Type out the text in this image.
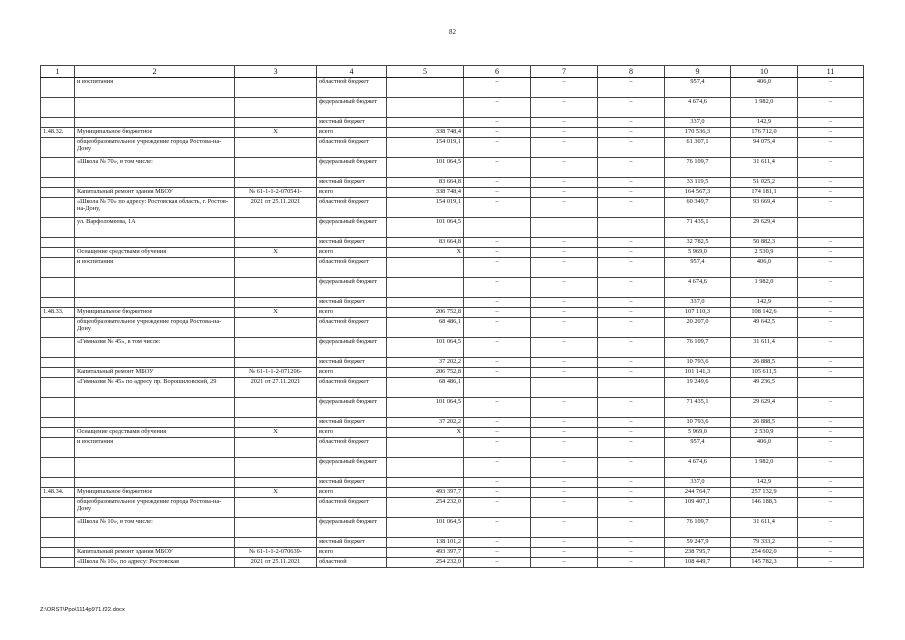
82
1	2	3	4	5	6	7	8	9	10	11
	и воспитания		областной бюджет		–	–	–	957,4	406,0	–
			федеральный бюджет		–	–	–	4 674,6	1 982,0	–
			местный бюджет		–	–	–	337,0	142,9	–
1.48.32.	Муниципальное бюджетное	Х	всего	338 748,4	–	–	–	170 536,3	176 712,0	–
	общеобразовательное учреждение города Ростова-на-Дону		областной бюджет	154 019,1	–	–	–	61 307,1	94 075,4	–
	«Школа № 70», в том числе:		федеральный бюджет	101 064,5	–	–	–	76 109,7	31 611,4	–
			местный бюджет	83 664,8	–	–	–	33 119,5	51 025,2	–
	Капитальный ремонт здания МБОУ	№ 61-1-1-2-070541-	всего	338 748,4	–	–	–	164 567,3	174 181,1	–
	«Школа № 70» по адресу: Ростовская область, г. Ростов-на-Дону,	2021 от 25.11.2021	областной бюджет	154 019,1	–	–	–	60 349,7	93 669,4	–
	ул. Варфоломеева, 1А		федеральный бюджет	101 064,5				71 435,1	29 629,4	
			местный бюджет	83 664,8	–	–	–	32 782,5	50 882,3	–
	Оснащение средствами обучения	Х	всего	Х	–	–	–	5 969,0	2 530,9	–
	и воспитания		областной бюджет		–	–	–	957,4	406,0	–
			федеральный бюджет		–	–	–	4 674,6	1 982,0	–
			местный бюджет		–	–	–	337,0	142,9	–
1.48.33.	Муниципальное бюджетное	Х	всего	206 752,8	–	–	–	107 110,3	108 142,6	–
	общеобразовательное учреждение города Ростова-на-Дону		областной бюджет	68 486,1	–	–	–	20 207,0	49 642,5	–
	«Гимназия № 45», в том числе:		федеральный бюджет	101 064,5	–	–	–	76 109,7	31 611,4	–
			местный бюджет	37 202,2	–	–	–	10 793,6	26 888,5	–
	Капитальный ремонт МБОУ	№ 61-1-1-2-071206-	всего	206 752,8	–	–	–	101 141,3	105 611,5	–
	«Гимназия № 45» по адресу пр. Ворошиловский, 29	2021 от 27.11.2021	областной бюджет	68 486,1				19 249,6	49 236,5	
			федеральный бюджет	101 064,5	–	–	–	71 435,1	29 629,4	–
			местный бюджет	37 202,2	–	–	–	10 793,6	26 888,5	–
	Оснащение средствами обучения	Х	всего	Х	–	–	–	5 969,0	2 530,9	–
	и воспитания		областной бюджет		–	–	–	957,4	406,0	–
			федеральный бюджет		–	–	–	4 674,6	1 982,0	–
			местный бюджет		–	–	–	337,0	142,9	–
1.48.34.	Муниципальное бюджетное	Х	всего	493 397,7	–	–	–	244 764,7	257 132,9	–
	общеобразовательное учреждение города Ростова-на-Дону		областной бюджет	254 232,0	–	–	–	109 407,1	146 188,3	–
	«Школа № 10», в том числе:		федеральный бюджет	101 064,5	–	–	–	76 109,7	31 611,4	–
			местный бюджет	138 101,2	–	–	–	59 247,9	79 333,2	–
	Капитальный ремонт здания МБОУ	№ 61-1-1-2-070639-	всего	493 397,7	–	–	–	238 795,7	254 602,0	–
	«Школа № 10», по адресу: Ростовская	2021 от 25.11.2021	областной	254 232,0	–	–	–	108 449,7	145 782,3	–
Z:\ORST\Ppo\1114p971.f22.docx
